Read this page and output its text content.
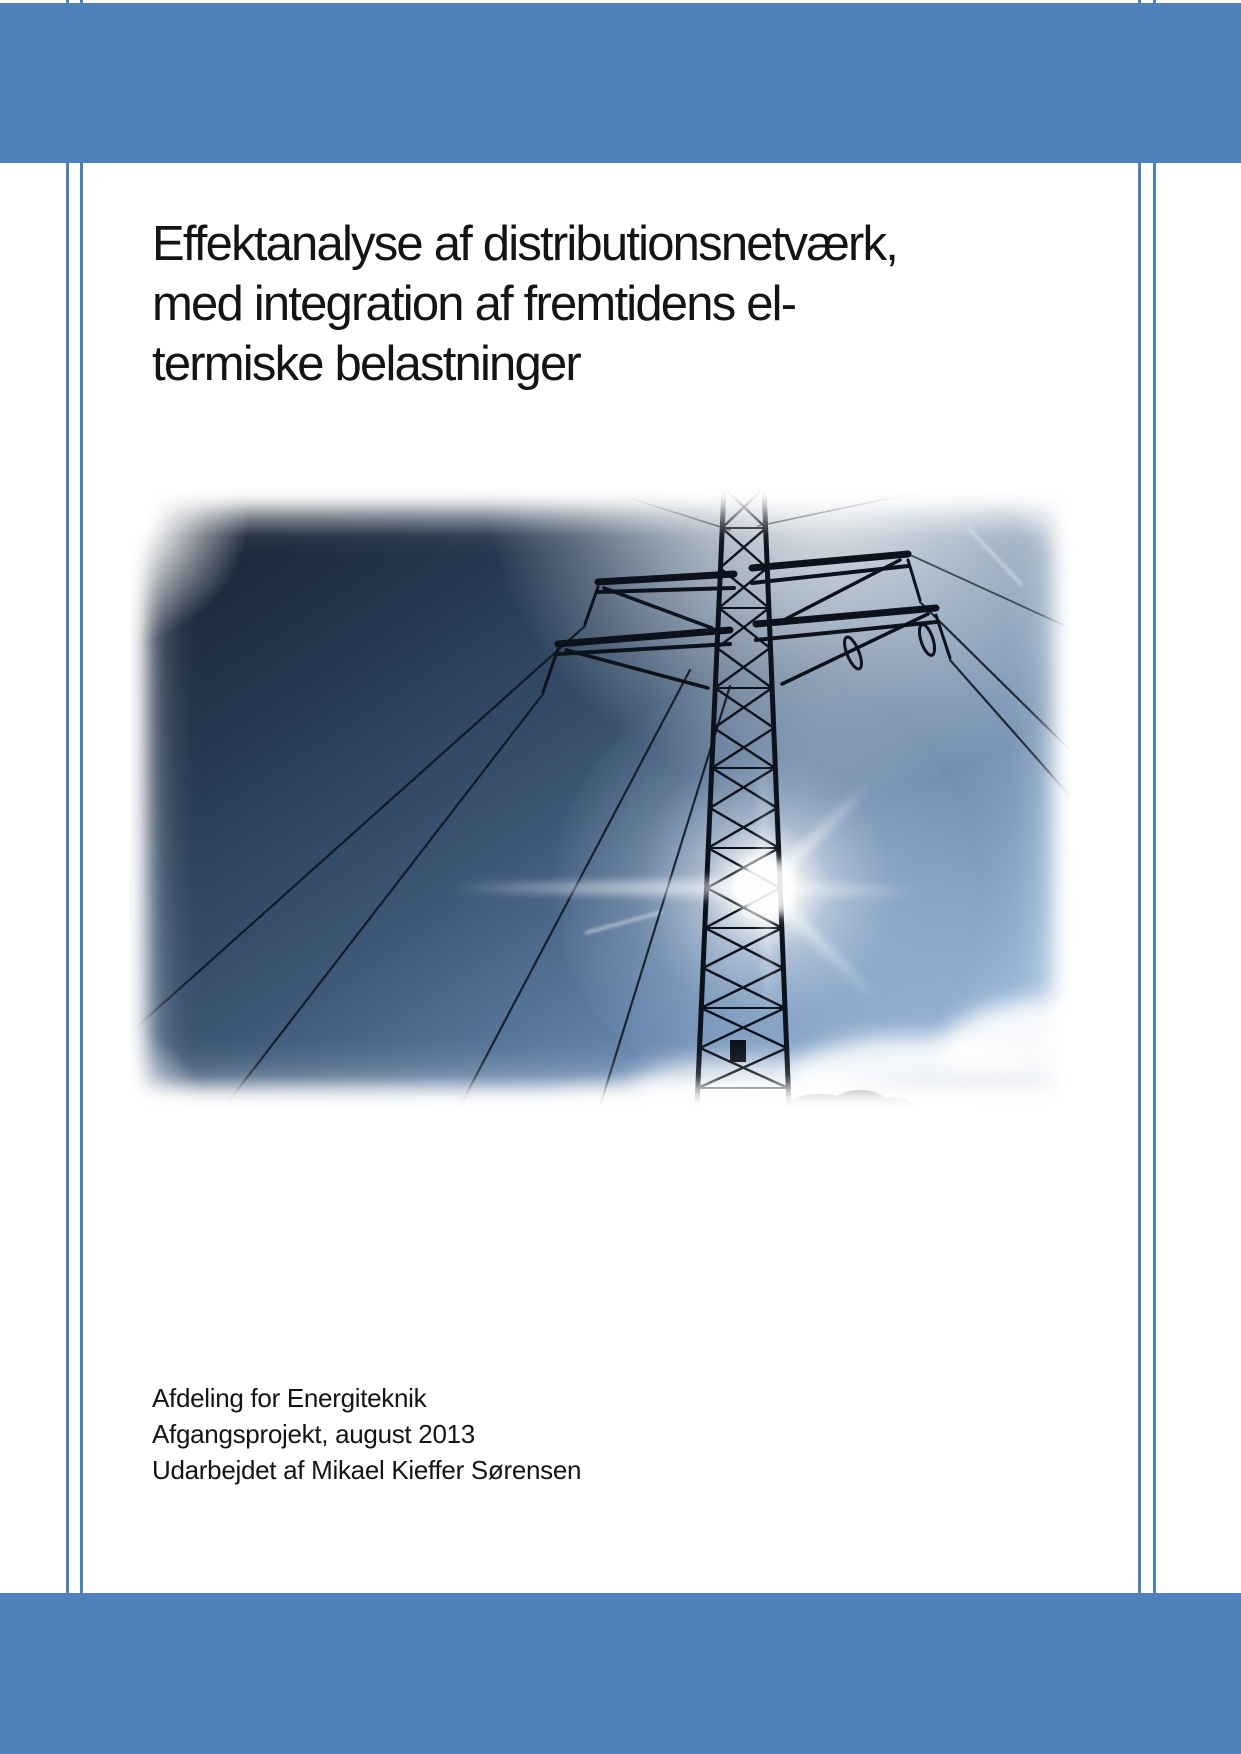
Effektanalyse af distributionsnetværk,
med integration af fremtidens el-
termiske belastninger
Afdeling for Energiteknik
Afgangsprojekt, august 2013
Udarbejdet af Mikael Kieffer Sørensen
